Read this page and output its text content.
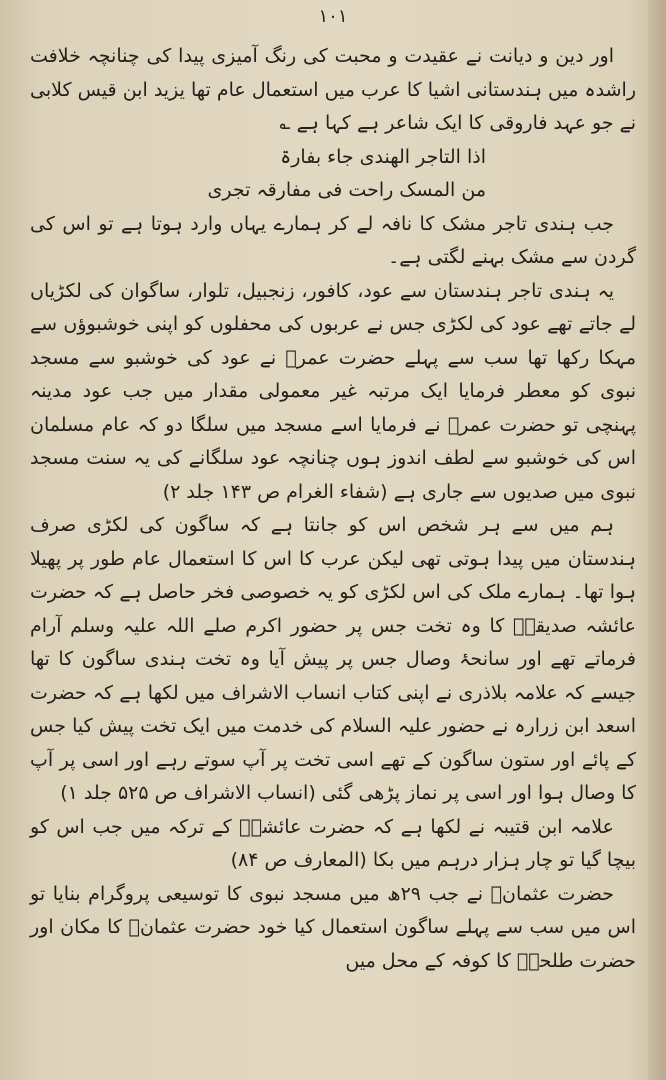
۱۰۱

اور دین و دیانت نے عقیدت و محبت کی رنگ آمیزی پیدا کی چنانچہ خلافت راشدہ میں ہندستانی اشیا کا عرب میں استعمال عام تھا یزید ابن قیس کلابی نے جو عہد فاروقی کا ایک شاعر ہے کہا ہے ؎

اذا التاجر الھندی جاء بفارۃ

من المسک راحت فی مفارقہ تجری

جب ہندی تاجر مشک کا نافہ لے کر ہمارے یہاں وارد ہوتا ہے تو اس کی گردن سے مشک بہنے لگتی ہے۔

یہ ہندی تاجر ہندستان سے عود، کافور، زنجبیل، تلوار، ساگوان کی لکڑیاں لے جاتے تھے عود کی لکڑی جس نے عربوں کی محفلوں کو اپنی خوشبوؤں سے مہکا رکھا تھا سب سے پہلے حضرت عمرؓ نے عود کی خوشبو سے مسجد نبوی کو معطر فرمایا ایک مرتبہ غیر معمولی مقدار میں جب عود مدینہ پہنچی تو حضرت عمرؓ نے فرمایا اسے مسجد میں سلگا دو کہ عام مسلمان اس کی خوشبو سے لطف اندوز ہوں چنانچہ عود سلگانے کی یہ سنت مسجد نبوی میں صدیوں سے جاری ہے (شفاء الغرام ص ۱۴۳ جلد ۲)

ہم میں سے ہر شخص اس کو جانتا ہے کہ ساگون کی لکڑی صرف ہندستان میں پیدا ہوتی تھی لیکن عرب کا اس کا استعمال عام طور پر پھیلا ہوا تھا۔ ہمارے ملک کی اس لکڑی کو یہ خصوصی فخر حاصل ہے کہ حضرت عائشہ صدیقہؓ کا وہ تخت جس پر حضور اکرم صلے اللہ علیہ وسلم آرام فرماتے تھے اور سانحۂ وصال جس پر پیش آیا وہ تخت ہندی ساگون کا تھا جیسے کہ علامہ بلاذری نے اپنی کتاب انساب الاشراف میں لکھا ہے کہ حضرت اسعد ابن زرارہ نے حضور علیہ السلام کی خدمت میں ایک تخت پیش کیا جس کے پائے اور ستون ساگون کے تھے اسی تخت پر آپ سوتے رہے اور اسی پر آپ کا وصال ہوا اور اسی پر نماز پڑھی گئی (انساب الاشراف ص ۵۲۵ جلد ۱)

علامہ ابن قتیبہ نے لکھا ہے کہ حضرت عائشہؓ کے ترکہ میں جب اس کو بیچا گیا تو چار ہزار درہم میں بکا (المعارف ص ۸۴)

حضرت عثمانؓ نے جب ۲۹ھ میں مسجد نبوی کا توسیعی پروگرام بنایا تو اس میں سب سے پہلے ساگون استعمال کیا خود حضرت عثمانؓ کا مکان اور حضرت طلحہؓ کا کوفہ کے محل میں
